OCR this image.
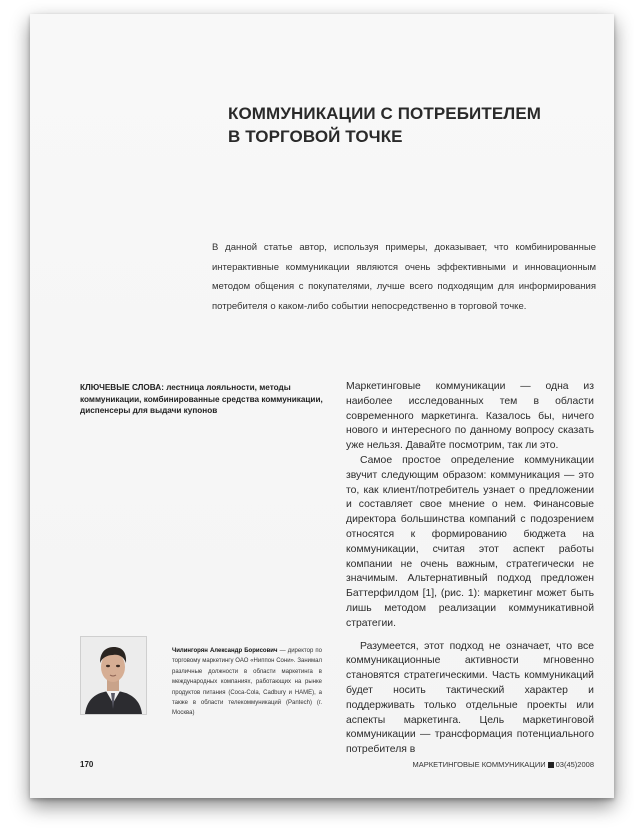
КОММУНИКАЦИИ С ПОТРЕБИТЕЛЕМ
В ТОРГОВОЙ ТОЧКЕ

В данной статье автор, используя примеры, доказывает, что комбинированные интерактивные коммуникации являются очень эффективными и инновационным методом общения с покупателями, лучше всего подходящим для информирования потребителя о каком-либо событии непосредственно в торговой точке.

КЛЮЧЕВЫЕ СЛОВА: лестница лояльности, методы коммуникации, комбинированные средства коммуникации, диспенсеры для выдачи купонов

Маркетинговые коммуникации — одна из наиболее исследованных тем в области современного маркетинга. Казалось бы, ничего нового и интересного по данному вопросу сказать уже нельзя. Давайте посмотрим, так ли это.

Самое простое определение коммуникации звучит следующим образом: коммуникация — это то, как клиент/потребитель узнает о предложении и составляет свое мнение о нем. Финансовые директора большинства компаний с подозрением относятся к формированию бюджета на коммуникации, считая этот аспект работы компании не очень важным, стратегически не значимым. Альтернативный подход предложен Баттерфилдом [1], (рис. 1): маркетинг может быть лишь методом реализации коммуникативной стратегии.

Разумеется, этот подход не означает, что все коммуникационные активности мгновенно становятся стратегическими. Часть коммуникаций будет носить тактический характер и поддерживать только отдельные проекты или аспекты маркетинга. Цель маркетинговой коммуникации — трансформация потенциального потребителя в

Чилингорян Александр Борисович — директор по торговому маркетингу ОАО «Ниппон Сони». Занимал различные должности в области маркетинга в международных компаниях, работающих на рынке продуктов питания (Coca-Cola, Cadbury и HAME), а также в области телекоммуникаций (Pantech) (г. Москва)
170	МАРКЕТИНГОВЫЕ КОММУНИКАЦИИ 03(45)2008
